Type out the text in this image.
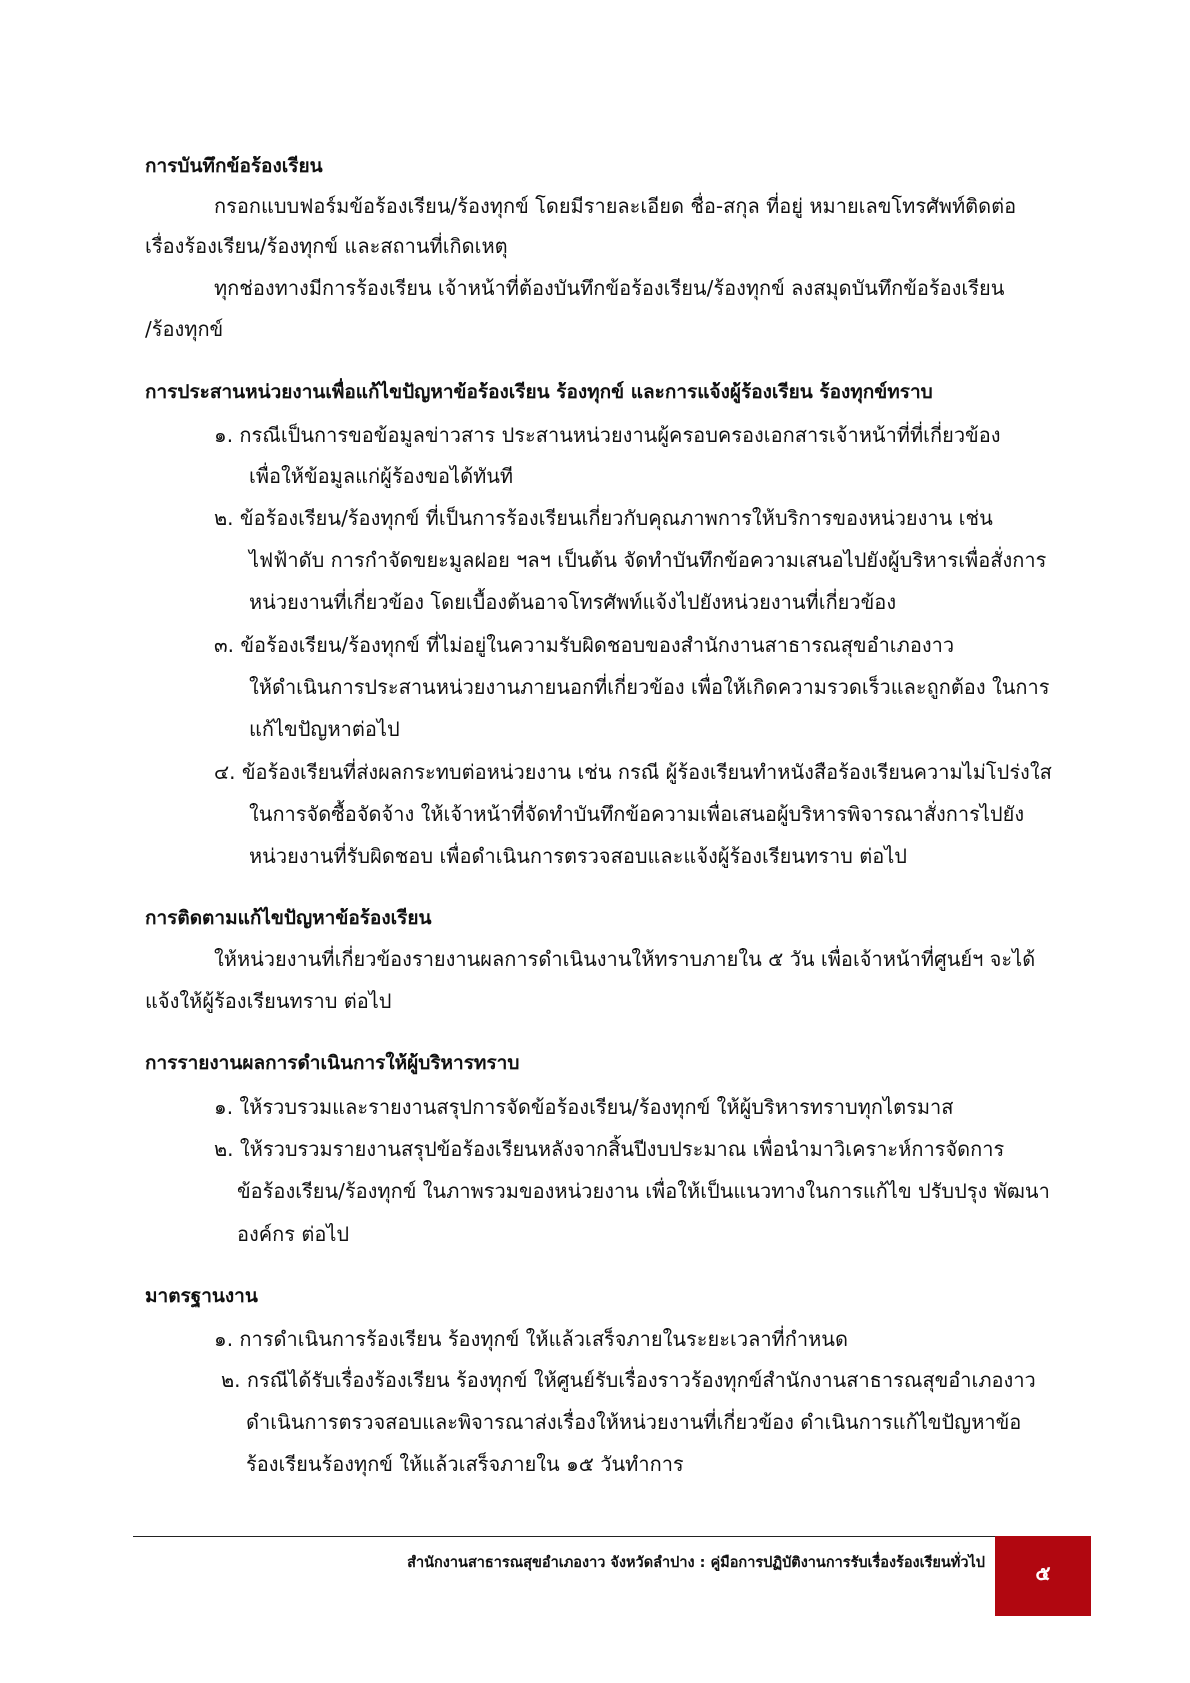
การบันทึกข้อร้องเรียน
กรอกแบบฟอร์มข้อร้องเรียน/ร้องทุกข์ โดยมีรายละเอียด ชื่อ-สกุล ที่อยู่ หมายเลขโทรศัพท์ติดต่อ
เรื่องร้องเรียน/ร้องทุกข์ และสถานที่เกิดเหตุ
ทุกช่องทางมีการร้องเรียน เจ้าหน้าที่ต้องบันทึกข้อร้องเรียน/ร้องทุกข์ ลงสมุดบันทึกข้อร้องเรียน
/ร้องทุกข์
การประสานหน่วยงานเพื่อแก้ไขปัญหาข้อร้องเรียน ร้องทุกข์ และการแจ้งผู้ร้องเรียน ร้องทุกข์ทราบ
๑. กรณีเป็นการขอข้อมูลข่าวสาร ประสานหน่วยงานผู้ครอบครองเอกสารเจ้าหน้าที่ที่เกี่ยวข้อง
เพื่อให้ข้อมูลแก่ผู้ร้องขอได้ทันที
๒. ข้อร้องเรียน/ร้องทุกข์ ที่เป็นการร้องเรียนเกี่ยวกับคุณภาพการให้บริการของหน่วยงาน เช่น
ไฟฟ้าดับ การกำจัดขยะมูลฝอย ฯลฯ เป็นต้น จัดทำบันทึกข้อความเสนอไปยังผู้บริหารเพื่อสั่งการ
หน่วยงานที่เกี่ยวข้อง โดยเบื้องต้นอาจโทรศัพท์แจ้งไปยังหน่วยงานที่เกี่ยวข้อง
๓. ข้อร้องเรียน/ร้องทุกข์ ที่ไม่อยู่ในความรับผิดชอบของสำนักงานสาธารณสุขอำเภองาว
ให้ดำเนินการประสานหน่วยงานภายนอกที่เกี่ยวข้อง เพื่อให้เกิดความรวดเร็วและถูกต้อง ในการ
แก้ไขปัญหาต่อไป
๔. ข้อร้องเรียนที่ส่งผลกระทบต่อหน่วยงาน เช่น กรณี ผู้ร้องเรียนทำหนังสือร้องเรียนความไม่โปร่งใส
ในการจัดซื้อจัดจ้าง ให้เจ้าหน้าที่จัดทำบันทึกข้อความเพื่อเสนอผู้บริหารพิจารณาสั่งการไปยัง
หน่วยงานที่รับผิดชอบ เพื่อดำเนินการตรวจสอบและแจ้งผู้ร้องเรียนทราบ ต่อไป
การติดตามแก้ไขปัญหาข้อร้องเรียน
ให้หน่วยงานที่เกี่ยวข้องรายงานผลการดำเนินงานให้ทราบภายใน ๕ วัน เพื่อเจ้าหน้าที่ศูนย์ฯ จะได้
แจ้งให้ผู้ร้องเรียนทราบ ต่อไป
การรายงานผลการดำเนินการให้ผู้บริหารทราบ
๑. ให้รวบรวมและรายงานสรุปการจัดข้อร้องเรียน/ร้องทุกข์ ให้ผู้บริหารทราบทุกไตรมาส
๒. ให้รวบรวมรายงานสรุปข้อร้องเรียนหลังจากสิ้นปีงบประมาณ เพื่อนำมาวิเคราะห์การจัดการ
ข้อร้องเรียน/ร้องทุกข์ ในภาพรวมของหน่วยงาน เพื่อให้เป็นแนวทางในการแก้ไข ปรับปรุง พัฒนา
องค์กร ต่อไป
มาตรฐานงาน
๑. การดำเนินการร้องเรียน ร้องทุกข์ ให้แล้วเสร็จภายในระยะเวลาที่กำหนด
๒. กรณีได้รับเรื่องร้องเรียน ร้องทุกข์ ให้ศูนย์รับเรื่องราวร้องทุกข์สำนักงานสาธารณสุขอำเภองาว
ดำเนินการตรวจสอบและพิจารณาส่งเรื่องให้หน่วยงานที่เกี่ยวข้อง ดำเนินการแก้ไขปัญหาข้อ
ร้องเรียนร้องทุกข์ ให้แล้วเสร็จภายใน ๑๕ วันทำการ
สำนักงานสาธารณสุขอำเภองาว จังหวัดลำปาง : คู่มือการปฏิบัติงานการรับเรื่องร้องเรียนทั่วไป	๕
